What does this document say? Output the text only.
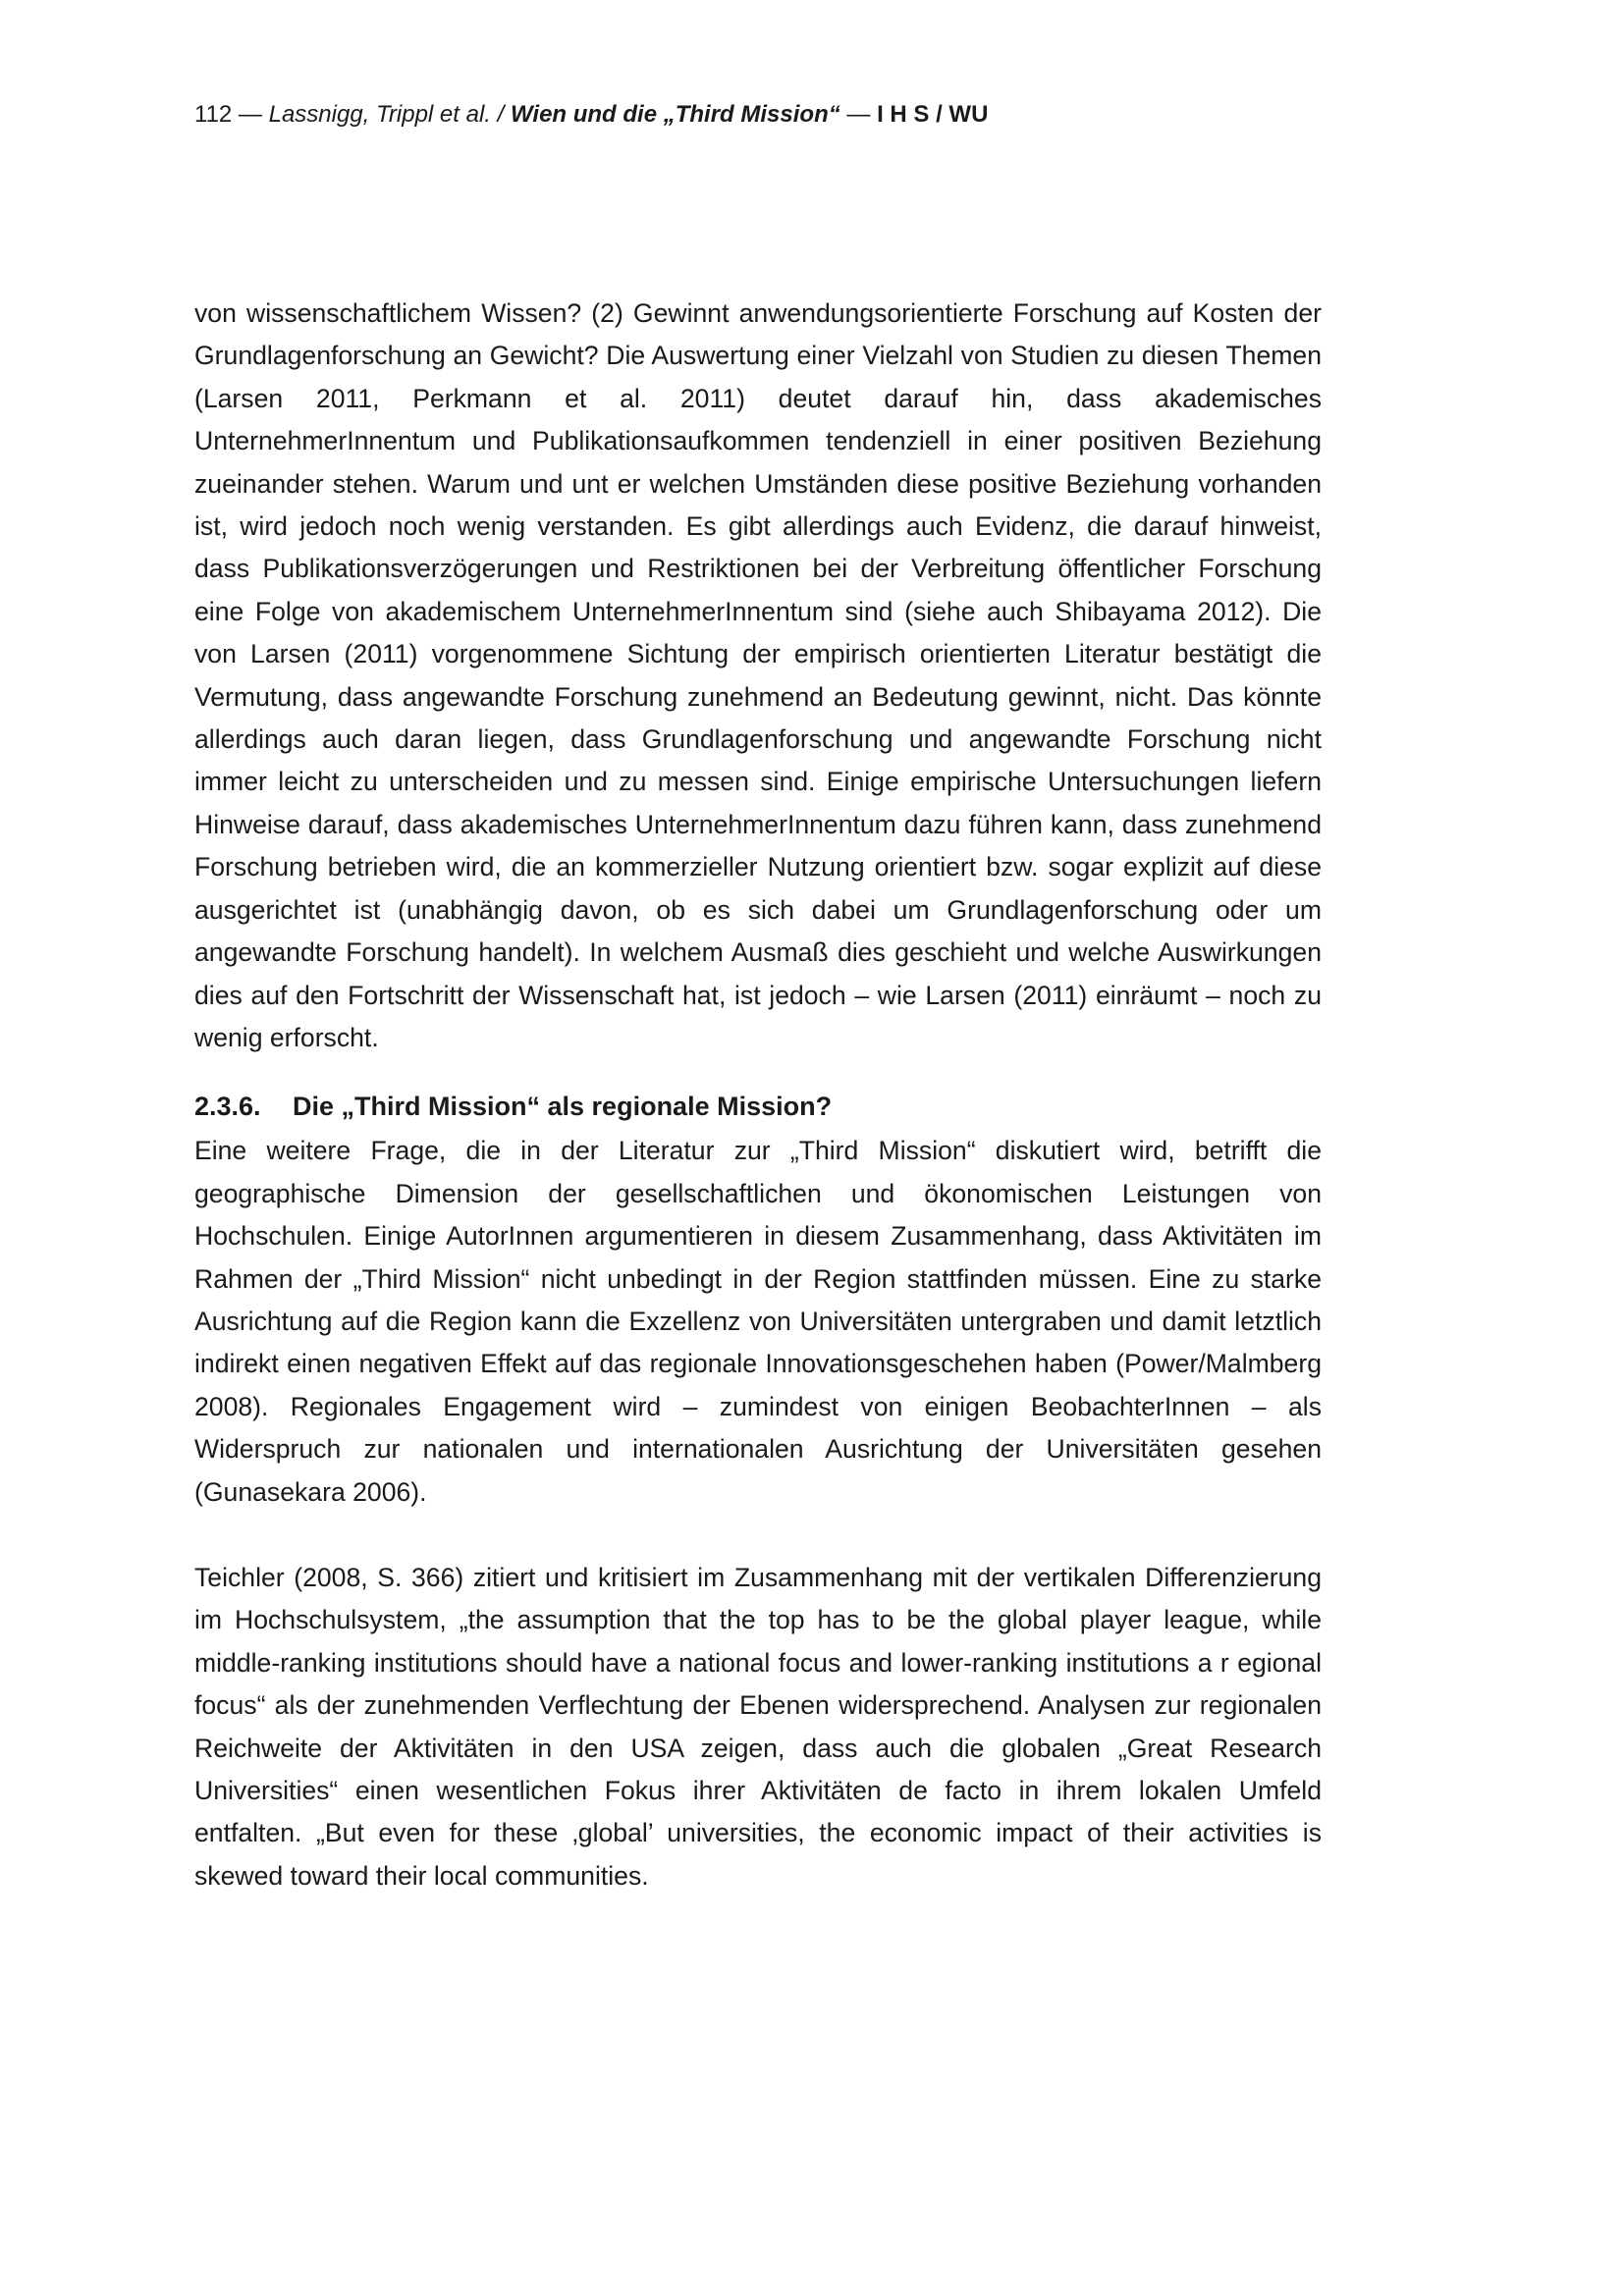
112 — Lassnigg, Trippl et al. / Wien und die „Third Mission“ — I H S / WU

von wissenschaftlichem Wissen? (2) Gewinnt anwendungsorientierte Forschung auf Kosten der Grundlagenforschung an Gewicht? Die Auswertung einer Vielzahl von Studien zu diesen Themen (Larsen 2011, Perkmann et al. 2011) deutet darauf hin, dass akademisches UnternehmerInnentum und Publikationsaufkommen tendenziell in einer positiven Beziehung zueinander stehen. Warum und unt er welchen Umständen diese positive Beziehung vorhanden ist, wird jedoch noch wenig verstanden. Es gibt allerdings auch Evidenz, die darauf hinweist, dass Publikationsverzögerungen und Restriktionen bei der Verbreitung öffentlicher Forschung eine Folge von akademischem UnternehmerInnentum sind (siehe auch Shibayama 2012). Die von Larsen (2011) vorgenommene Sichtung der empirisch orientierten Literatur bestätigt die Vermutung, dass angewandte Forschung zunehmend an Bedeutung gewinnt, nicht. Das könnte allerdings auch daran liegen, dass Grundlagenforschung und angewandte Forschung nicht immer leicht zu unterscheiden und zu messen sind. Einige empirische Untersuchungen liefern Hinweise darauf, dass akademisches UnternehmerInnentum dazu führen kann, dass zunehmend Forschung betrieben wird, die an kommerzieller Nutzung orientiert bzw. sogar explizit auf diese ausgerichtet ist (unabhängig davon, ob es sich dabei um Grundlagenforschung oder um angewandte Forschung handelt). In welchem Ausmaß dies geschieht und welche Auswirkungen dies auf den Fortschritt der Wissenschaft hat, ist jedoch – wie Larsen (2011) einräumt – noch zu wenig erforscht.

2.3.6. Die „Third Mission“ als regionale Mission?

Eine weitere Frage, die in der Literatur zur „Third Mission“ diskutiert wird, betrifft die geographische Dimension der gesellschaftlichen und ökonomischen Leistungen von Hochschulen. Einige AutorInnen argumentieren in diesem Zusammenhang, dass Aktivitäten im Rahmen der „Third Mission“ nicht unbedingt in der Region stattfinden müssen. Eine zu starke Ausrichtung auf die Region kann die Exzellenz von Universitäten untergraben und damit letztlich indirekt einen negativen Effekt auf das regionale Innovationsgeschehen haben (Power/Malmberg 2008). Regionales Engagement wird – zumindest von einigen BeobachterInnen – als Widerspruch zur nationalen und internationalen Ausrichtung der Universitäten gesehen (Gunasekara 2006).

Teichler (2008, S. 366) zitiert und kritisiert im Zusammenhang mit der vertikalen Differenzierung im Hochschulsystem, „the assumption that the top has to be the global player league, while middle-ranking institutions should have a national focus and lower-ranking institutions a r egional focus“ als der zunehmenden Verflechtung der Ebenen widersprechend. Analysen zur regionalen Reichweite der Aktivitäten in den USA zeigen, dass auch die globalen „Great Research Universities“ einen wesentlichen Fokus ihrer Aktivitäten de facto in ihrem lokalen Umfeld entfalten. „But even for these ‚global’ universities, the economic impact of their activities is skewed toward their local communities.
